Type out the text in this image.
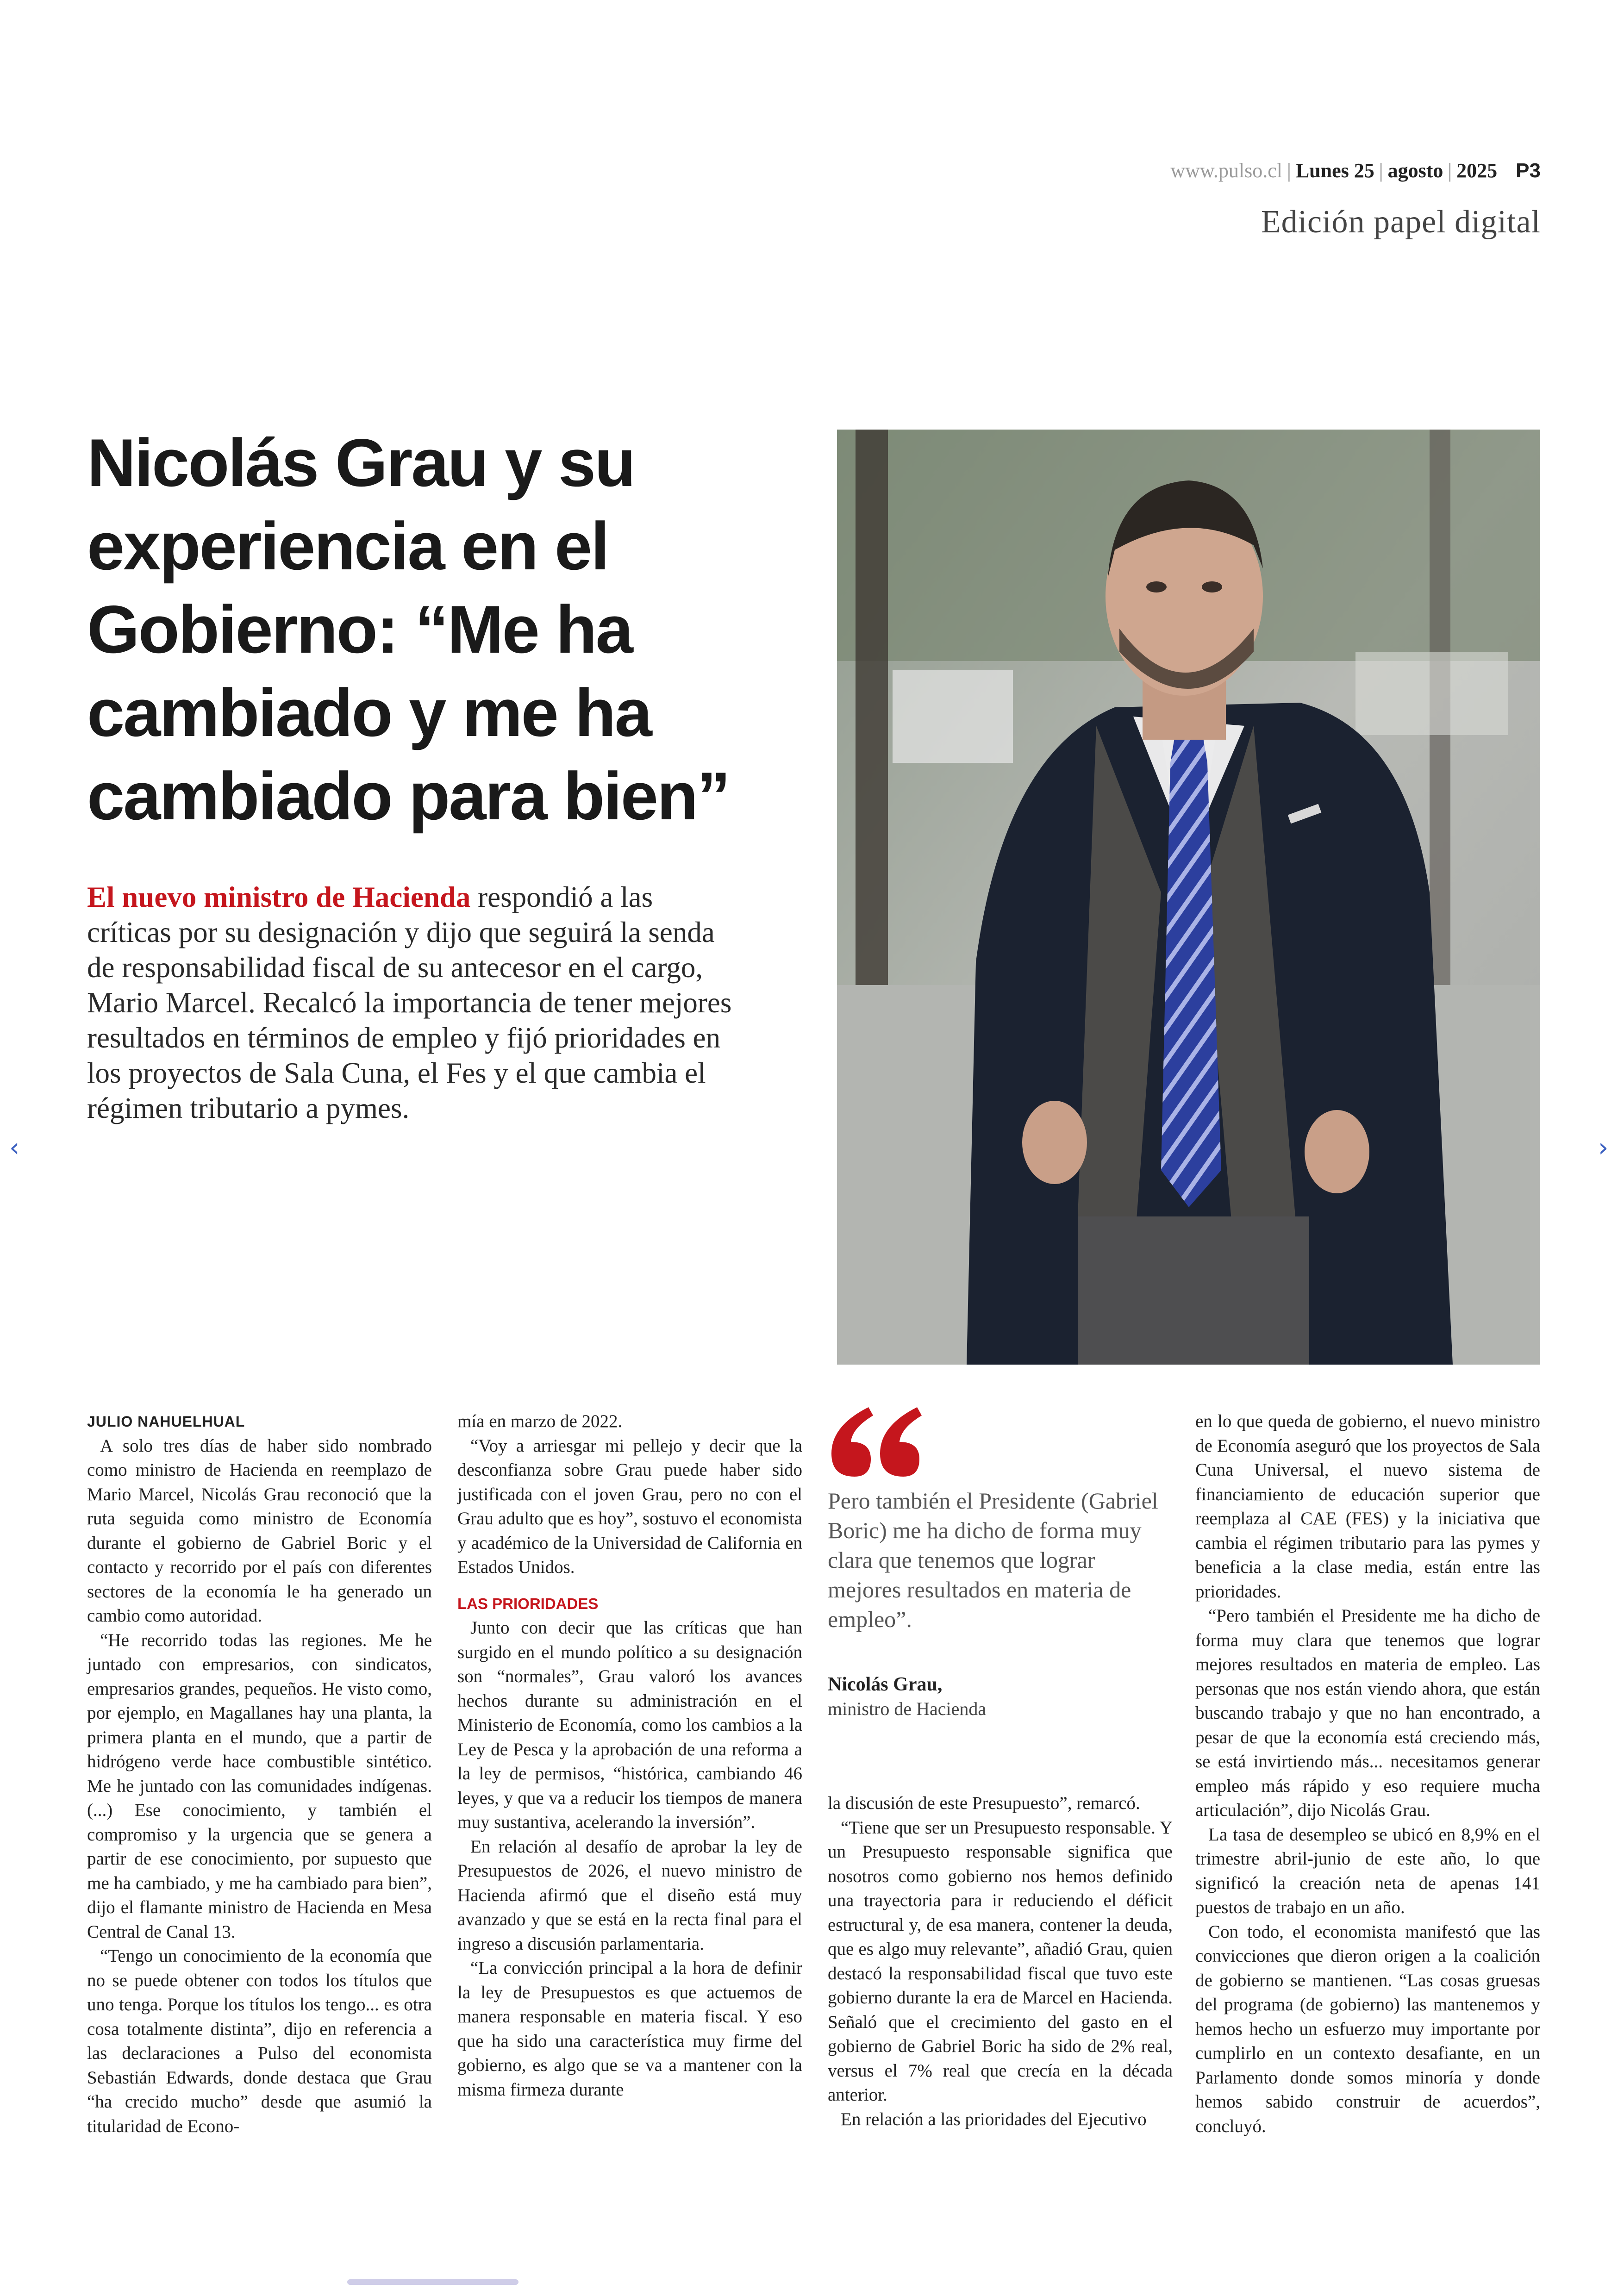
www.pulso.cl | Lunes 25 | agosto | 2025 P3
Edición papel digital
Nicolás Grau y su
experiencia en el
Gobierno: “Me ha
cambiado y me ha
cambiado para bien”
El nuevo ministro de Hacienda respondió a las
críticas por su designación y dijo que seguirá la senda
de responsabilidad fiscal de su antecesor en el cargo,
Mario Marcel. Recalcó la importancia de tener mejores
resultados en términos de empleo y fijó prioridades en
los proyectos de Sala Cuna, el Fes y el que cambia el
régimen tributario a pymes.
‹	›

JULIO NAHUELHUAL

A solo tres días de haber sido nombrado como ministro de Hacienda en reemplazo de Mario Marcel, Nicolás Grau reconoció que la ruta seguida como ministro de Economía durante el gobierno de Gabriel Boric y el contacto y recorrido por el país con diferentes sectores de la economía le ha generado un cambio como autoridad.

“He recorrido todas las regiones. Me he juntado con empresarios, con sindicatos, empresarios grandes, pequeños. He visto como, por ejemplo, en Magallanes hay una planta, la primera planta en el mundo, que a partir de hidrógeno verde hace combustible sintético. Me he juntado con las comunidades indígenas. (...) Ese conocimiento, y también el compromiso y la urgencia que se genera a partir de ese conocimiento, por supuesto que me ha cambiado, y me ha cambiado para bien”, dijo el flamante ministro de Hacienda en Mesa Central de Canal 13.

“Tengo un conocimiento de la economía que no se puede obtener con todos los títulos que uno tenga. Porque los títulos los tengo... es otra cosa totalmente distinta”, dijo en referencia a las declaraciones a Pulso del economista Sebastián Edwards, donde destaca que Grau “ha crecido mucho” desde que asumió la titularidad de Econo-

mía en marzo de 2022.

“Voy a arriesgar mi pellejo y decir que la desconfianza sobre Grau puede haber sido justificada con el joven Grau, pero no con el Grau adulto que es hoy”, sostuvo el economista y académico de la Universidad de California en Estados Unidos.

LAS PRIORIDADES

Junto con decir que las críticas que han surgido en el mundo político a su designación son “normales”, Grau valoró los avances hechos durante su administración en el Ministerio de Economía, como los cambios a la Ley de Pesca y la aprobación de una reforma a la ley de permisos, “histórica, cambiando 46 leyes, y que va a reducir los tiempos de manera muy sustantiva, acelerando la inversión”.

En relación al desafío de aprobar la ley de Presupuestos de 2026, el nuevo ministro de Hacienda afirmó que el diseño está muy avanzado y que se está en la recta final para el ingreso a discusión parlamentaria.

“La convicción principal a la hora de definir la ley de Presupuestos es que actuemos de manera responsable en materia fiscal. Y eso que ha sido una característica muy firme del gobierno, es algo que se va a mantener con la misma firmeza durante

Pero también el Presidente (Gabriel Boric) me ha dicho de forma muy clara que tenemos que lograr mejores resultados en materia de empleo”.
Nicolás Grau,
ministro de Hacienda

la discusión de este Presupuesto”, remarcó.

“Tiene que ser un Presupuesto responsable. Y un Presupuesto responsable significa que nosotros como gobierno nos hemos definido una trayectoria para ir reduciendo el déficit estructural y, de esa manera, contener la deuda, que es algo muy relevante”, añadió Grau, quien destacó la responsabilidad fiscal que tuvo este gobierno durante la era de Marcel en Hacienda. Señaló que el crecimiento del gasto en el gobierno de Gabriel Boric ha sido de 2% real, versus el 7% real que crecía en la década anterior.

En relación a las prioridades del Ejecutivo

en lo que queda de gobierno, el nuevo ministro de Economía aseguró que los proyectos de Sala Cuna Universal, el nuevo sistema de financiamiento de educación superior que reemplaza al CAE (FES) y la iniciativa que cambia el régimen tributario para las pymes y beneficia a la clase media, están entre las prioridades.

“Pero también el Presidente me ha dicho de forma muy clara que tenemos que lograr mejores resultados en materia de empleo. Las personas que nos están viendo ahora, que están buscando trabajo y que no han encontrado, a pesar de que la economía está creciendo más, se está invirtiendo más... necesitamos generar empleo más rápido y eso requiere mucha articulación”, dijo Nicolás Grau.

La tasa de desempleo se ubicó en 8,9% en el trimestre abril-junio de este año, lo que significó la creación neta de apenas 141 puestos de trabajo en un año.

Con todo, el economista manifestó que las convicciones que dieron origen a la coalición de gobierno se mantienen. “Las cosas gruesas del programa (de gobierno) las mantenemos y hemos hecho un esfuerzo muy importante por cumplirlo en un contexto desafiante, en un Parlamento donde somos minoría y donde hemos sabido construir de acuerdos”, concluyó.
